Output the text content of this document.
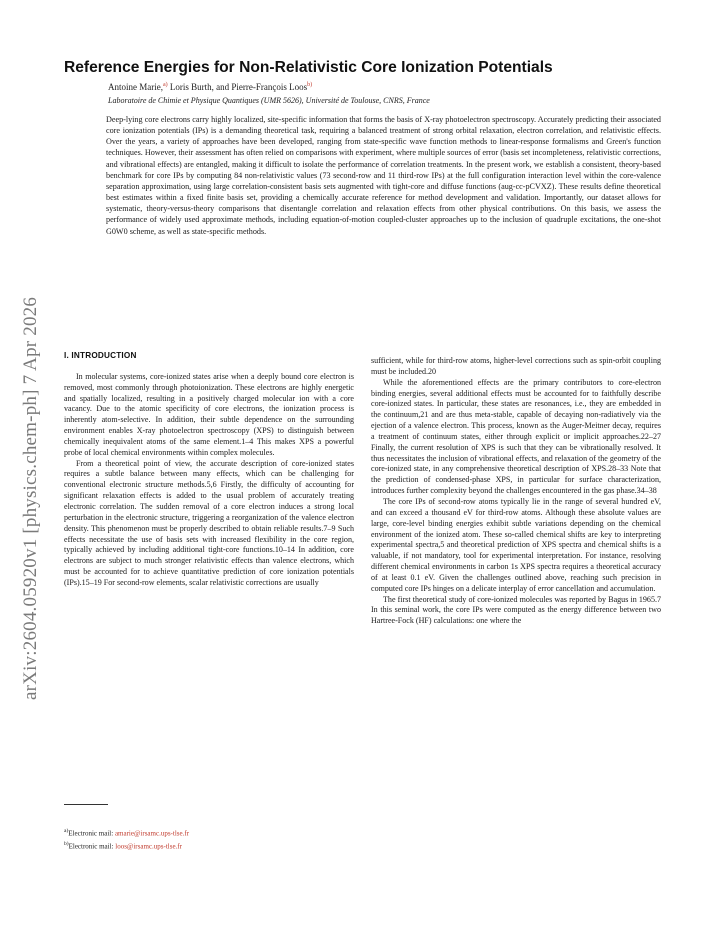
arXiv:2604.05920v1 [physics.chem-ph] 7 Apr 2026
Reference Energies for Non-Relativistic Core Ionization Potentials
Antoine Marie,$^{a)}$ Loris Burth, and Pierre-François Loos$^{b)}$
Laboratoire de Chimie et Physique Quantiques (UMR 5626), Université de Toulouse, CNRS, France
Deep-lying core electrons carry highly localized, site-specific information that forms the basis of X-ray photoelectron spectroscopy. Accurately predicting their associated core ionization potentials (IPs) is a demanding theoretical task, requiring a balanced treatment of strong orbital relaxation, electron correlation, and relativistic effects. Over the years, a variety of approaches have been developed, ranging from state-specific wave function methods to linear-response formalisms and Green's function techniques. However, their assessment has often relied on comparisons with experiment, where multiple sources of error (basis set incompleteness, relativistic corrections, and vibrational effects) are entangled, making it difficult to isolate the performance of correlation treatments. In the present work, we establish a consistent, theory-based benchmark for core IPs by computing 84 non-relativistic values (73 second-row and 11 third-row IPs) at the full configuration interaction level within the core-valence separation approximation, using large correlation-consistent basis sets augmented with tight-core and diffuse functions (aug-cc-pCVXZ). These results define theoretical best estimates within a fixed finite basis set, providing a chemically accurate reference for method development and validation. Importantly, our dataset allows for systematic, theory-versus-theory comparisons that disentangle correlation and relaxation effects from other physical contributions. On this basis, we assess the performance of widely used approximate methods, including equation-of-motion coupled-cluster approaches up to the inclusion of quadruple excitations, the one-shot G0W0 scheme, as well as state-specific methods.
I. INTRODUCTION

In molecular systems, core-ionized states arise when a deeply bound core electron is removed, most commonly through photoionization. These electrons are highly energetic and spatially localized, resulting in a positively charged molecular ion with a core vacancy. Due to the atomic specificity of core electrons, the ionization process is inherently atom-selective. In addition, their subtle dependence on the surrounding environment enables X-ray photoelectron spectroscopy (XPS) to distinguish between chemically inequivalent atoms of the same element.1–4 This makes XPS a powerful probe of local chemical environments within complex molecules.

From a theoretical point of view, the accurate description of core-ionized states requires a subtle balance between many effects, which can be challenging for conventional electronic structure methods.5,6 Firstly, the difficulty of accounting for significant relaxation effects is added to the usual problem of accurately treating electronic correlation. The sudden removal of a core electron induces a strong local perturbation in the electronic structure, triggering a reorganization of the valence electron density. This phenomenon must be properly described to obtain reliable results.7–9 Such effects necessitate the use of basis sets with increased flexibility in the core region, typically achieved by including additional tight-core functions.10–14 In addition, core electrons are subject to much stronger relativistic effects than valence electrons, which must be accounted for to achieve quantitative prediction of core ionization potentials (IPs).15–19 For second-row elements, scalar relativistic corrections are usually

sufficient, while for third-row atoms, higher-level corrections such as spin-orbit coupling must be included.20

While the aforementioned effects are the primary contributors to core-electron binding energies, several additional effects must be accounted for to faithfully describe core-ionized states. In particular, these states are resonances, i.e., they are embedded in the continuum,21 and are thus meta-stable, capable of decaying non-radiatively via the ejection of a valence electron. This process, known as the Auger-Meitner decay, requires a treatment of continuum states, either through explicit or implicit approaches.22–27 Finally, the current resolution of XPS is such that they can be vibrationally resolved. It thus necessitates the inclusion of vibrational effects, and relaxation of the geometry of the core-ionized state, in any comprehensive theoretical description of XPS.28–33 Note that the prediction of condensed-phase XPS, in particular for surface characterization, introduces further complexity beyond the challenges encountered in the gas phase.34–38

The core IPs of second-row atoms typically lie in the range of several hundred eV, and can exceed a thousand eV for third-row atoms. Although these absolute values are large, core-level binding energies exhibit subtle variations depending on the chemical environment of the ionized atom. These so-called chemical shifts are key to interpreting experimental spectra,5 and theoretical prediction of XPS spectra and chemical shifts is a valuable, if not mandatory, tool for experimental interpretation. For instance, resolving different chemical environments in carbon 1s XPS spectra requires a theoretical accuracy of at least 0.1 eV. Given the challenges outlined above, reaching such precision in computed core IPs hinges on a delicate interplay of error cancellation and accumulation.

The first theoretical study of core-ionized molecules was reported by Bagus in 1965.7 In this seminal work, the core IPs were computed as the energy difference between two Hartree-Fock (HF) calculations: one where the

$^{a)}$Electronic mail: amarie@irsamc.ups-tlse.fr
$^{b)}$Electronic mail: loos@irsamc.ups-tlse.fr
